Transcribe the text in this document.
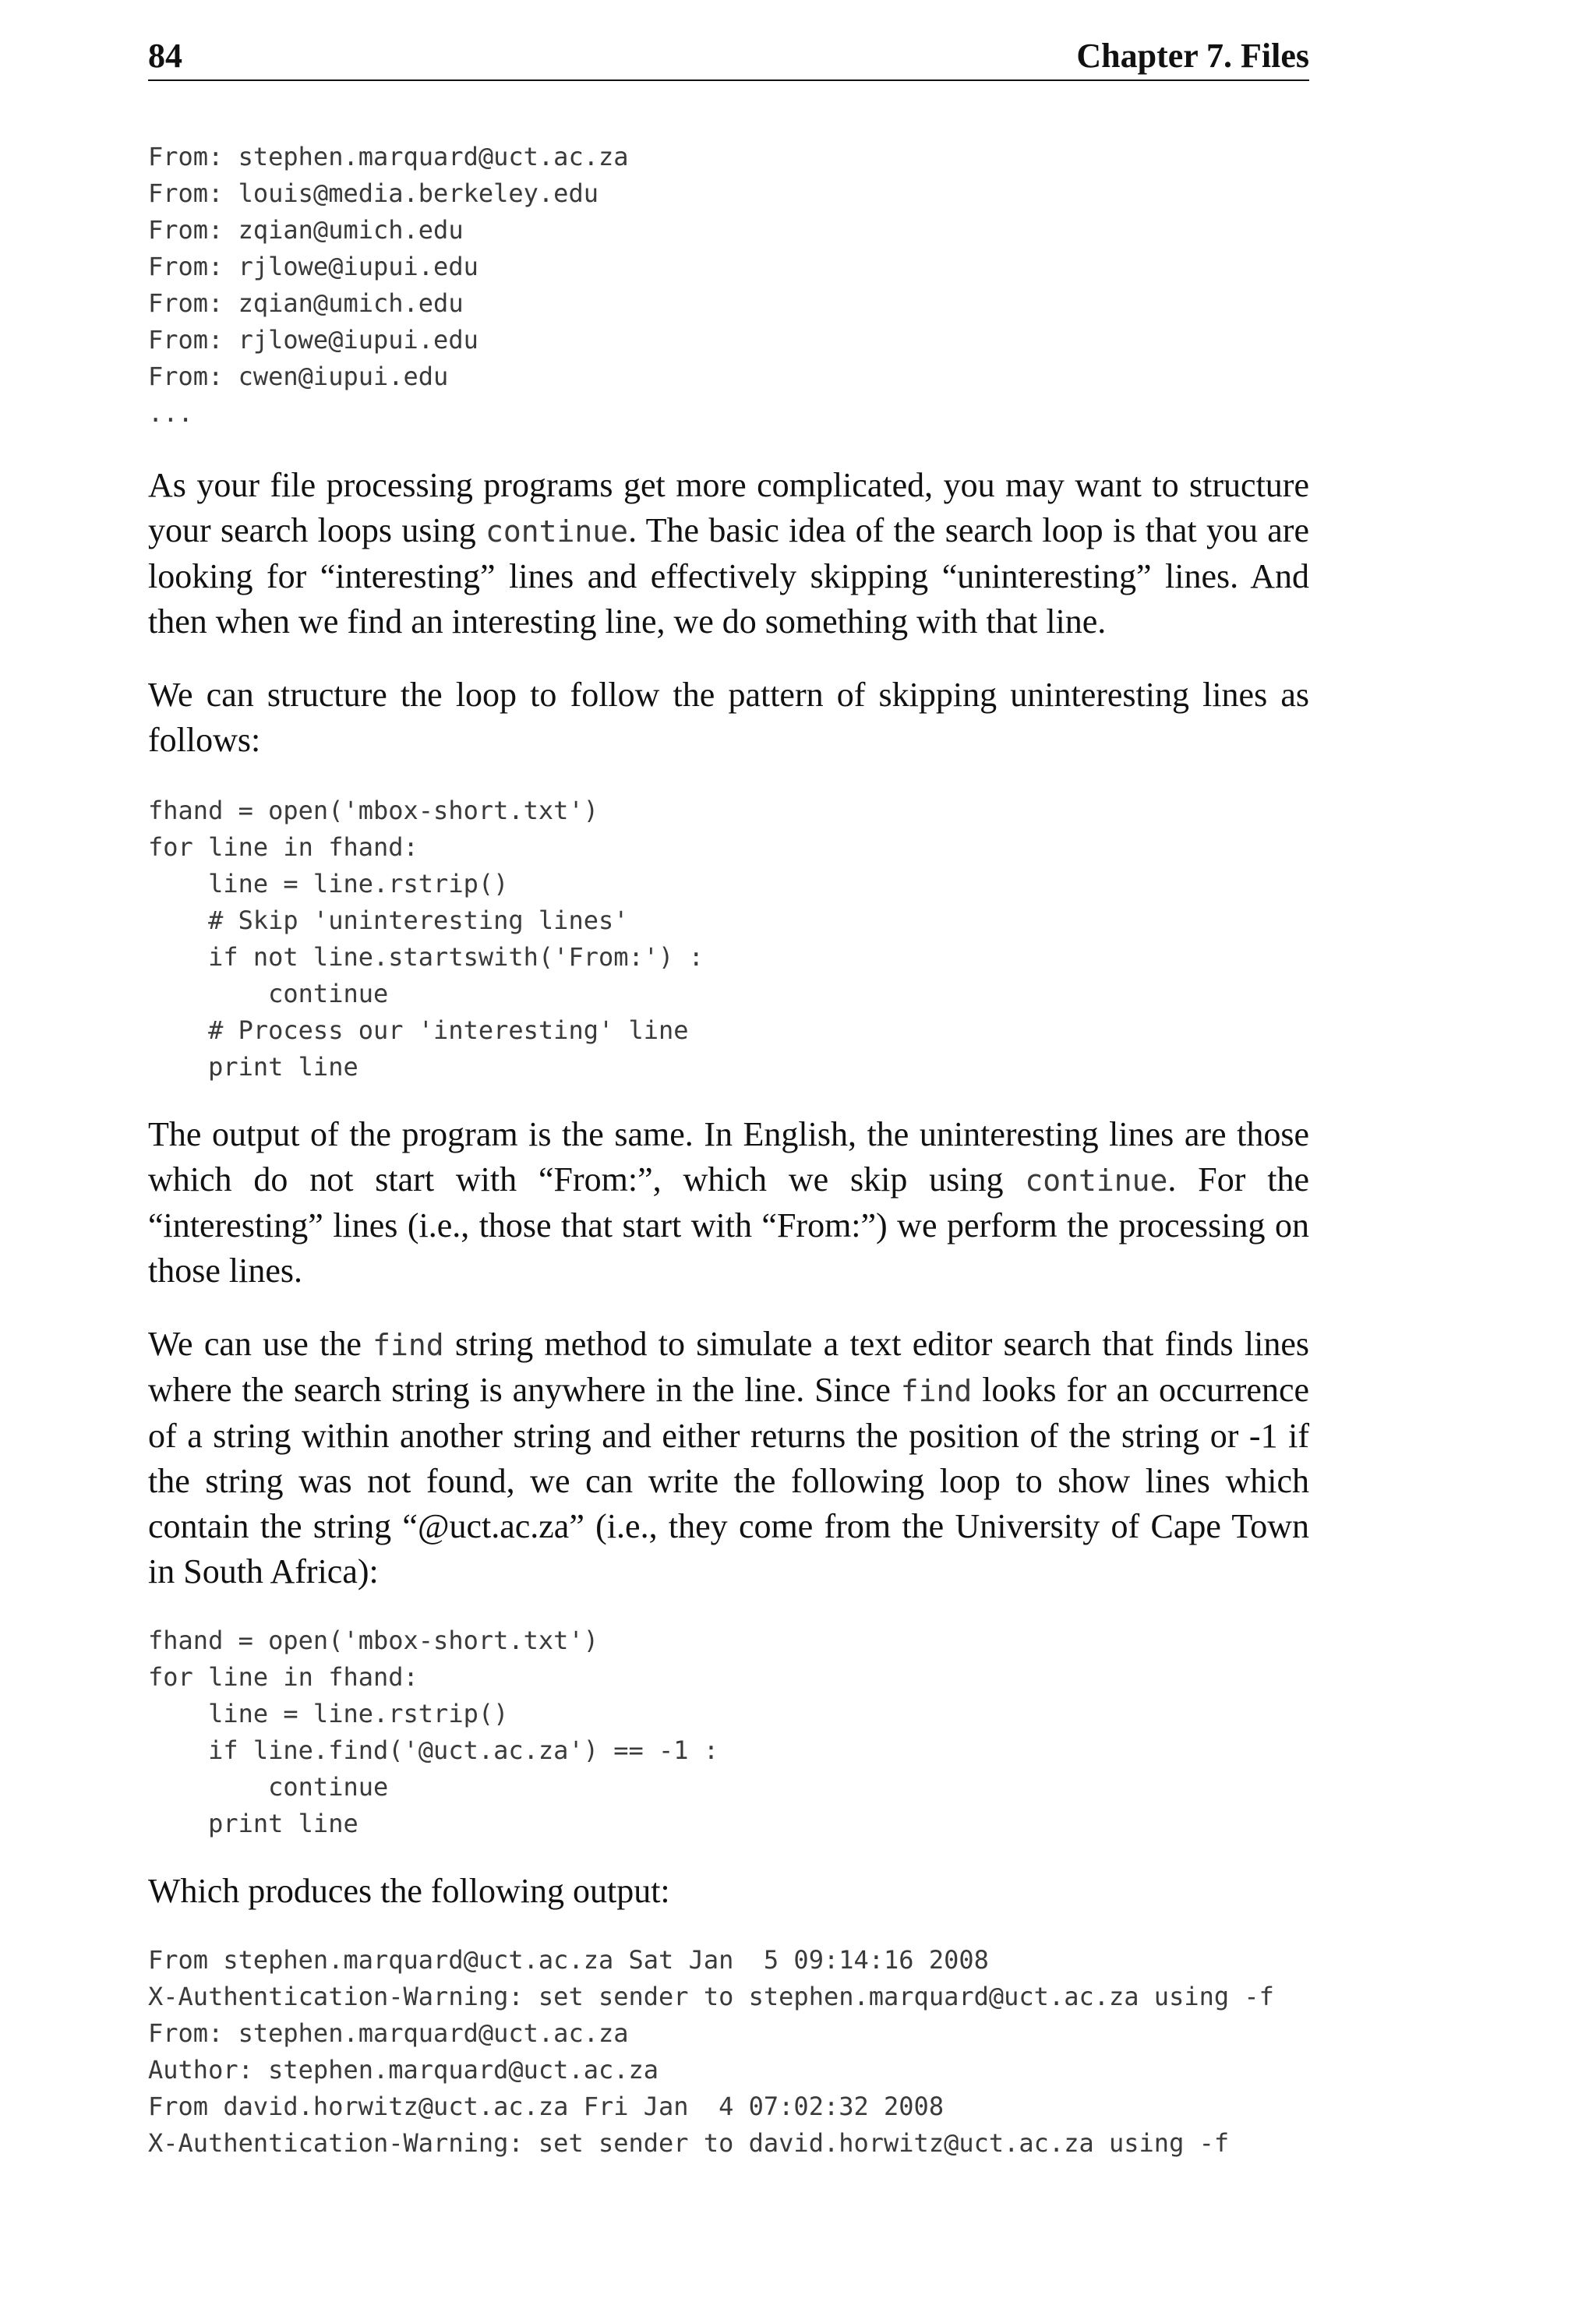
84	Chapter 7. Files
From: stephen.marquard@uct.ac.za
From: louis@media.berkeley.edu
From: zqian@umich.edu
From: rjlowe@iupui.edu
From: zqian@umich.edu
From: rjlowe@iupui.edu
From: cwen@iupui.edu
...

As your file processing programs get more complicated, you may want to structure your search loops using continue. The basic idea of the search loop is that you are looking for “interesting” lines and effectively skipping “uninteresting” lines. And then when we find an interesting line, we do something with that line.

We can structure the loop to follow the pattern of skipping uninteresting lines as follows:

fhand = open('mbox-short.txt')
for line in fhand:
line = line.rstrip()
# Skip 'uninteresting lines'
if not line.startswith('From:') :
continue
# Process our 'interesting' line
print line

The output of the program is the same. In English, the uninteresting lines are those which do not start with “From:”, which we skip using continue. For the “interesting” lines (i.e., those that start with “From:”) we perform the processing on those lines.

We can use the find string method to simulate a text editor search that finds lines where the search string is anywhere in the line. Since find looks for an occurrence of a string within another string and either returns the position of the string or -1 if the string was not found, we can write the following loop to show lines which contain the string “@uct.ac.za” (i.e., they come from the University of Cape Town in South Africa):

fhand = open('mbox-short.txt')
for line in fhand:
line = line.rstrip()
if line.find('@uct.ac.za') == -1 :
continue
print line

Which produces the following output:

From stephen.marquard@uct.ac.za Sat Jan  5 09:14:16 2008
X-Authentication-Warning: set sender to stephen.marquard@uct.ac.za using -f
From: stephen.marquard@uct.ac.za
Author: stephen.marquard@uct.ac.za
From david.horwitz@uct.ac.za Fri Jan  4 07:02:32 2008
X-Authentication-Warning: set sender to david.horwitz@uct.ac.za using -f
